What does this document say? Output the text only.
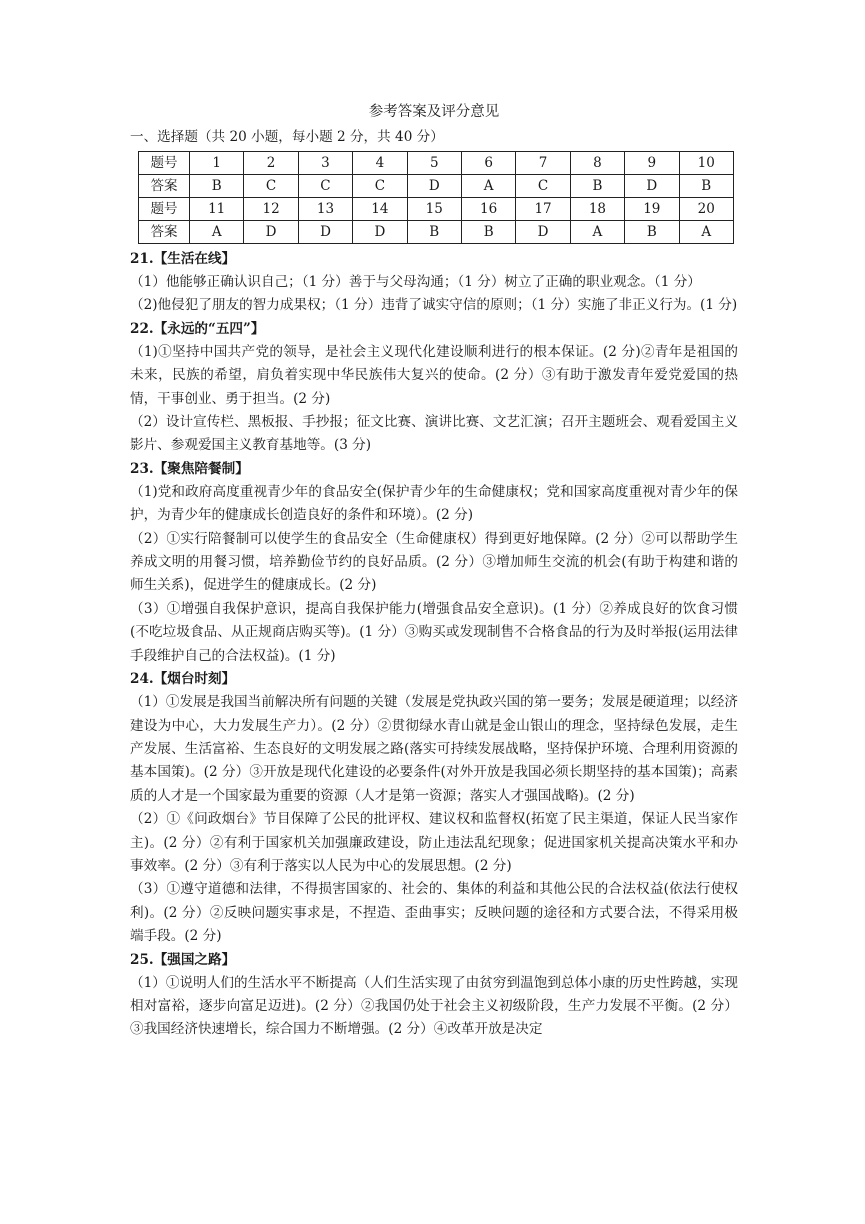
参考答案及评分意见
一、选择题（共 20 小题，每小题 2 分，共 40 分）
题号	1	2	3	4	5	6	7	8	9	10
答案	B	C	C	C	D	A	C	B	D	B
题号	11	12	13	14	15	16	17	18	19	20
答案	A	D	D	D	B	B	D	A	B	A
21.【生活在线】
（1）他能够正确认识自己；（1 分）善于与父母沟通；（1 分）树立了正确的职业观念。（1 分）
（2)他侵犯了朋友的智力成果权；（1 分）违背了诚实守信的原则；（1 分）实施了非正义行为。(1 分)
22.【永远的“五四”】
（1)①坚持中国共产党的领导，是社会主义现代化建设顺利进行的根本保证。(2 分)②青年是祖国的未来，民族的希望，肩负着实现中华民族伟大复兴的使命。(2 分）③有助于激发青年爱党爱国的热情，干事创业、勇于担当。(2 分)
（2）设计宣传栏、黑板报、手抄报；征文比赛、演讲比赛、文艺汇演；召开主题班会、观看爱国主义影片、参观爱国主义教育基地等。(3 分)
23.【聚焦陪餐制】
（1)党和政府高度重视青少年的食品安全(保护青少年的生命健康权；党和国家高度重视对青少年的保护，为青少年的健康成长创造良好的条件和环境）。(2 分)
（2）①实行陪餐制可以使学生的食品安全（生命健康权）得到更好地保障。(2 分）②可以帮助学生养成文明的用餐习惯，培养勤俭节约的良好品质。(2 分）③增加师生交流的机会(有助于构建和谐的师生关系)，促进学生的健康成长。(2 分)
（3）①增强自我保护意识，提高自我保护能力(增强食品安全意识)。(1 分）②养成良好的饮食习惯(不吃垃圾食品、从正规商店购买等)。(1 分）③购买或发现制售不合格食品的行为及时举报(运用法律手段维护自己的合法权益)。(1 分)
24.【烟台时刻】
（1）①发展是我国当前解决所有问题的关键（发展是党执政兴国的第一要务；发展是硬道理；以经济建设为中心，大力发展生产力）。(2 分）②贯彻绿水青山就是金山银山的理念，坚持绿色发展，走生产发展、生活富裕、生态良好的文明发展之路(落实可持续发展战略，坚持保护环境、合理利用资源的基本国策)。(2 分）③开放是现代化建设的必要条件(对外开放是我国必须长期坚持的基本国策)；高素质的人才是一个国家最为重要的资源（人才是第一资源；落实人才强国战略)。(2 分)
（2）①《问政烟台》节目保障了公民的批评权、建议权和监督权(拓宽了民主渠道，保证人民当家作主)。(2 分）②有利于国家机关加强廉政建设，防止违法乱纪现象；促进国家机关提高决策水平和办事效率。(2 分）③有利于落实以人民为中心的发展思想。(2 分)
（3）①遵守道德和法律，不得损害国家的、社会的、集体的利益和其他公民的合法权益(依法行使权利)。(2 分）②反映问题实事求是，不捏造、歪曲事实；反映问题的途径和方式要合法，不得采用极端手段。(2 分)
25.【强国之路】
（1）①说明人们的生活水平不断提高（人们生活实现了由贫穷到温饱到总体小康的历史性跨越，实现相对富裕，逐步向富足迈进)。(2 分）②我国仍处于社会主义初级阶段，生产力发展不平衡。(2 分）③我国经济快速增长，综合国力不断增强。(2 分）④改革开放是决定
